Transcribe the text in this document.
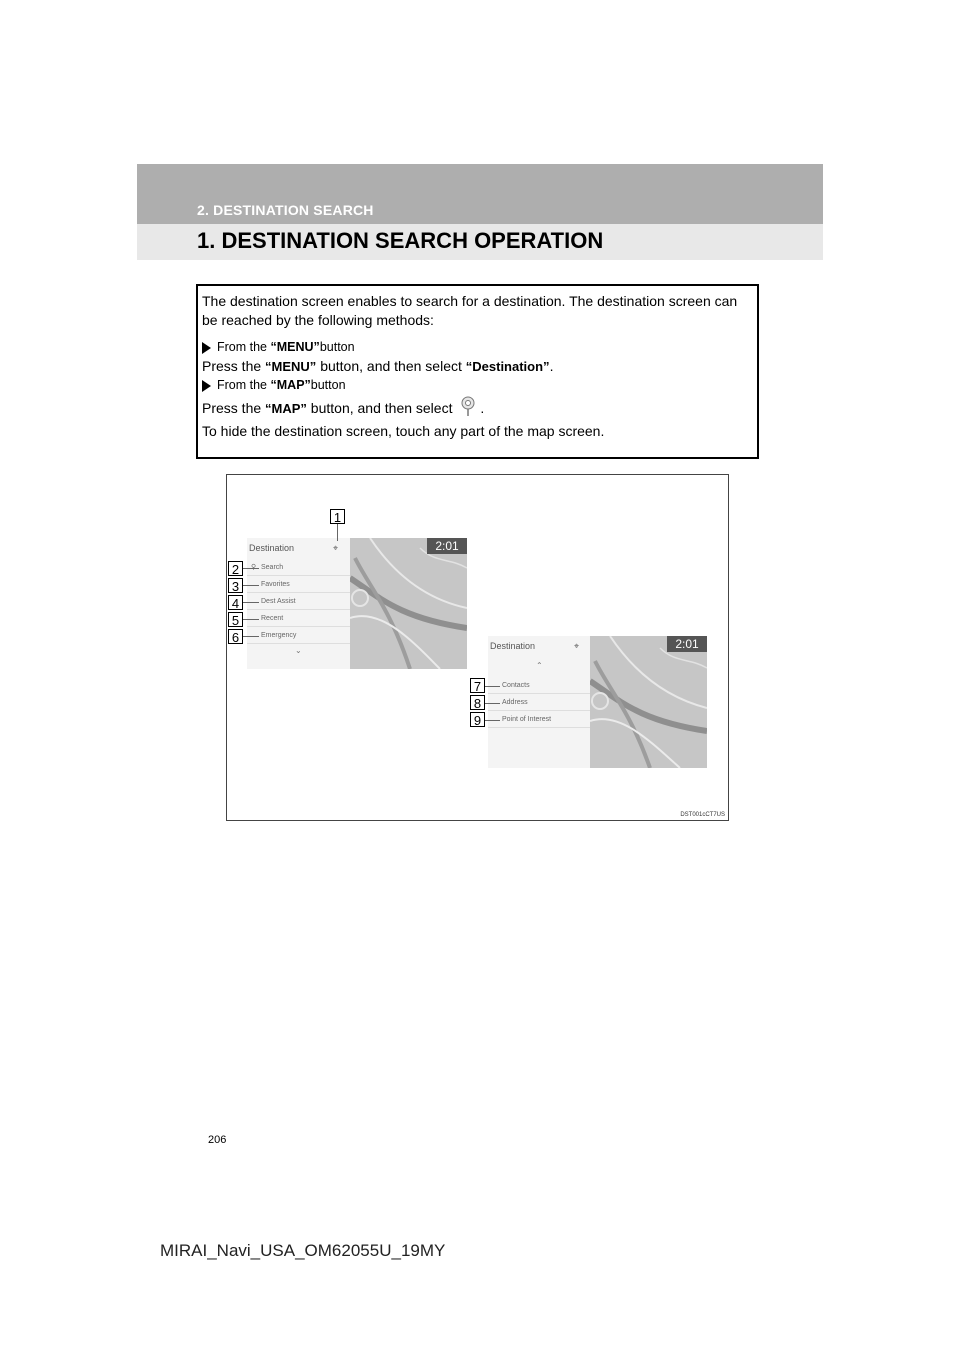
2. DESTINATION SEARCH
1. DESTINATION SEARCH OPERATION

The destination screen enables to search for a destination. The destination screen can be reached by the following methods:

From the
“MENU” button

Press the “MENU” button, and then select “Destination”.

From the
“MAP” button

Press the “MAP” button, and then select .

To hide the destination screen, touch any part of the map screen.

Destination	⌖
Search
Favorites
Dest Assist
Recent
Emergency
⌄
2:01
Destination	⌖
⌃
Contacts
Address
Point of Interest
2:01
1
2
3
4
5
6
7
8
9
DST001cCT7US
206
MIRAI_Navi_USA_OM62055U_19MY
